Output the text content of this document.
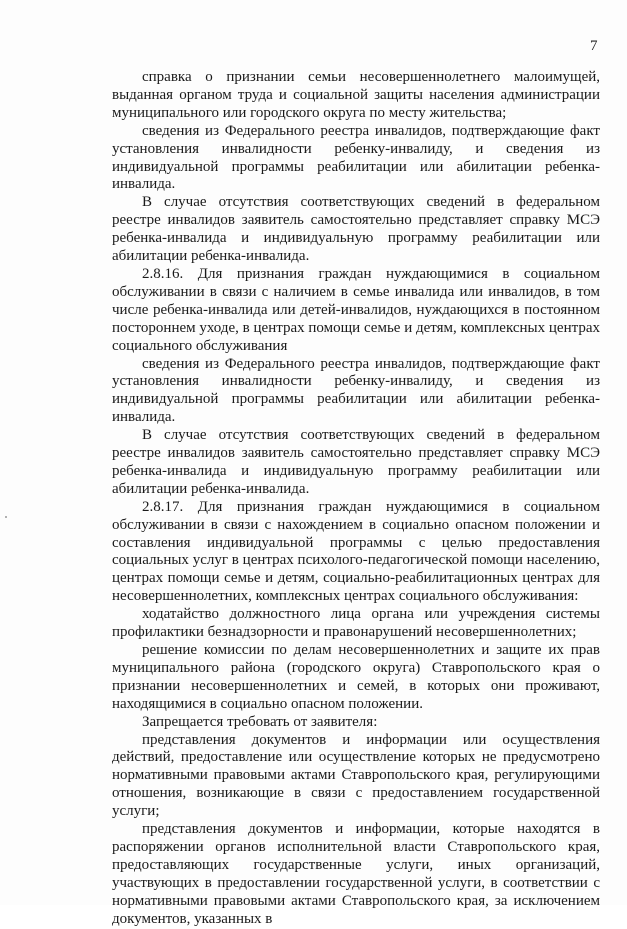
7

справка о признании семьи несовершеннолетнего малоимущей, выданная органом труда и социальной защиты населения администрации муниципального или городского округа по месту жительства;

сведения из Федерального реестра инвалидов, подтверждающие факт установления инвалидности ребенку-инвалиду, и сведения из индивидуальной программы реабилитации или абилитации ребенка-инвалида.

В случае отсутствия соответствующих сведений в федеральном реестре инвалидов заявитель самостоятельно представляет справку МСЭ ребенка-инвалида и индивидуальную программу реабилитации или абилитации ребенка-инвалида.

2.8.16. Для признания граждан нуждающимися в социальном обслуживании в связи с наличием в семье инвалида или инвалидов, в том числе ребенка-инвалида или детей-инвалидов, нуждающихся в постоянном постороннем уходе, в центрах помощи семье и детям, комплексных центрах социального обслуживания

сведения из Федерального реестра инвалидов, подтверждающие факт установления инвалидности ребенку-инвалиду, и сведения из индивидуальной программы реабилитации или абилитации ребенка-инвалида.

В случае отсутствия соответствующих сведений в федеральном реестре инвалидов заявитель самостоятельно представляет справку МСЭ ребенка-инвалида и индивидуальную программу реабилитации или абилитации ребенка-инвалида.

2.8.17. Для признания граждан нуждающимися в социальном обслуживании в связи с нахождением в социально опасном положении и составления индивидуальной программы с целью предоставления социальных услуг в центрах психолого-педагогической помощи населению, центрах помощи семье и детям, социально-реабилитационных центрах для несовершеннолетних, комплексных центрах социального обслуживания:

ходатайство должностного лица органа или учреждения системы профилактики безнадзорности и правонарушений несовершеннолетних;

решение комиссии по делам несовершеннолетних и защите их прав муниципального района (городского округа) Ставропольского края о признании несовершеннолетних и семей, в которых они проживают, находящимися в социально опасном положении.

Запрещается требовать от заявителя:

представления документов и информации или осуществления действий, предоставление или осуществление которых не предусмотрено нормативными правовыми актами Ставропольского края, регулирующими отношения, возникающие в связи с предоставлением государственной услуги;

представления документов и информации, которые находятся в распоряжении органов исполнительной власти Ставропольского края, предоставляющих государственные услуги, иных организаций, участвующих в предоставлении государственной услуги, в соответствии с нормативными правовыми актами Ставропольского края, за исключением документов, указанных в
